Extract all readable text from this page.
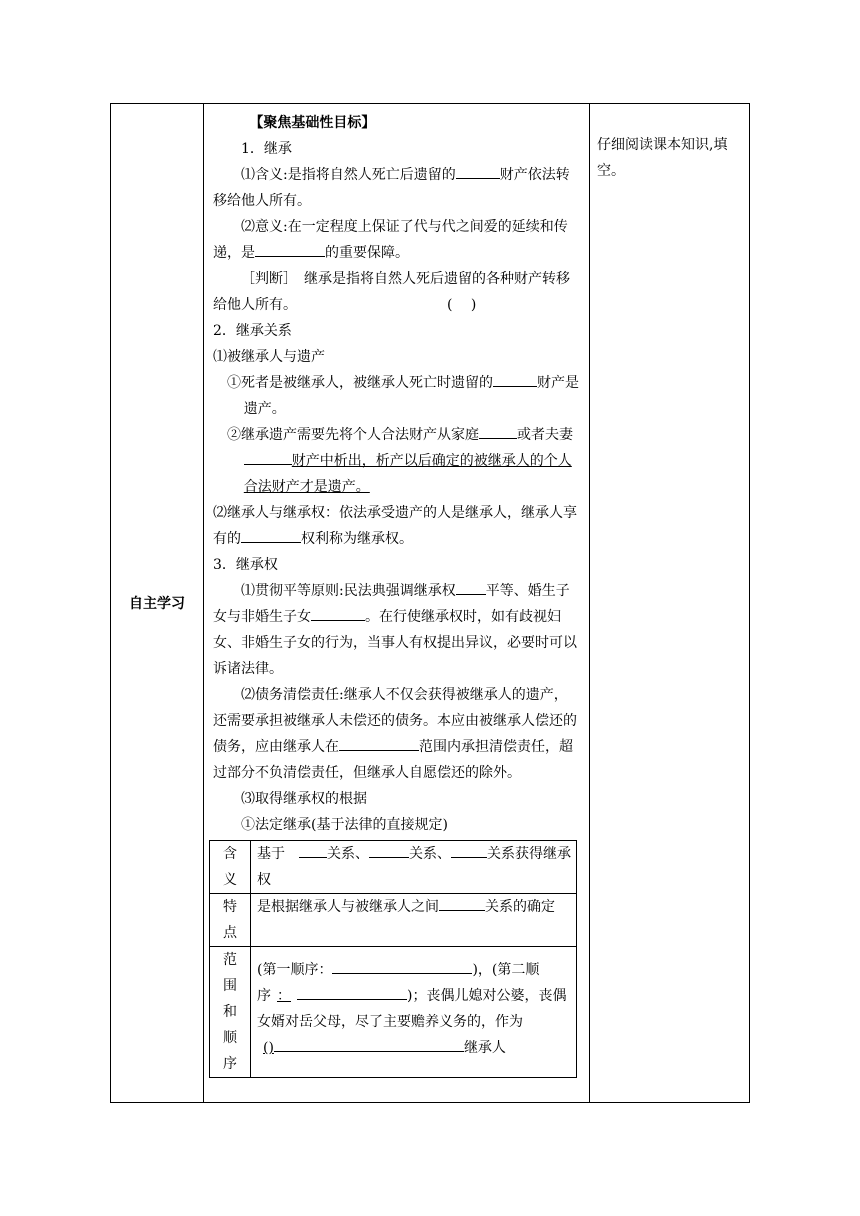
自主学习

【聚焦基础性目标】

1．继承

⑴含义:是指将自然人死亡后遗留的	财产依法转移给他人所有。

⑵意义:在一定程度上保证了代与代之间爱的延续和传递，是	的重要保障。

［判断］　继承是指将自然人死后遗留的各种财产转移给他人所有。	(　 )

2．继承关系

⑴被继承人与遗产

①死者是被继承人，被继承人死亡时遗留的	财产是遗产。

②继承遗产需要先将个人合法财产从家庭	或者夫妻财产中析出，析产以后确定的被继承人的个人合法财产才是遗产。

⑵继承人与继承权：依法承受遗产的人是继承人，继承人享有的	权利称为继承权。

3．继承权

⑴贯彻平等原则:民法典强调继承权 平等、婚生子女与非婚生子女	。在行使继承权时，如有歧视妇女、非婚生子女的行为，当事人有权提出异议，必要时可以诉诸法律。

⑵债务清偿责任:继承人不仅会获得被继承人的遗产，还需要承担被继承人未偿还的债务。本应由被继承人偿还的债务，应由继承人在	范围内承担清偿责任，超过部分不负清偿责任，但继承人自愿偿还的除外。

⑶取得继承权的根据

①法定继承(基于法律的直接规定)

含
义	基于　 关系、 关系、 关系获得继承权

特
点	是根据继承人与被继承人之间 关系的确定

范
围
和
顺
序	(第一顺序： )，(第二顺序 ： )；丧偶儿媳对公婆，丧偶女婿对岳父母，尽了主要赡养义务的，作为
() 继承人
仔细阅读课本知识,填空。
